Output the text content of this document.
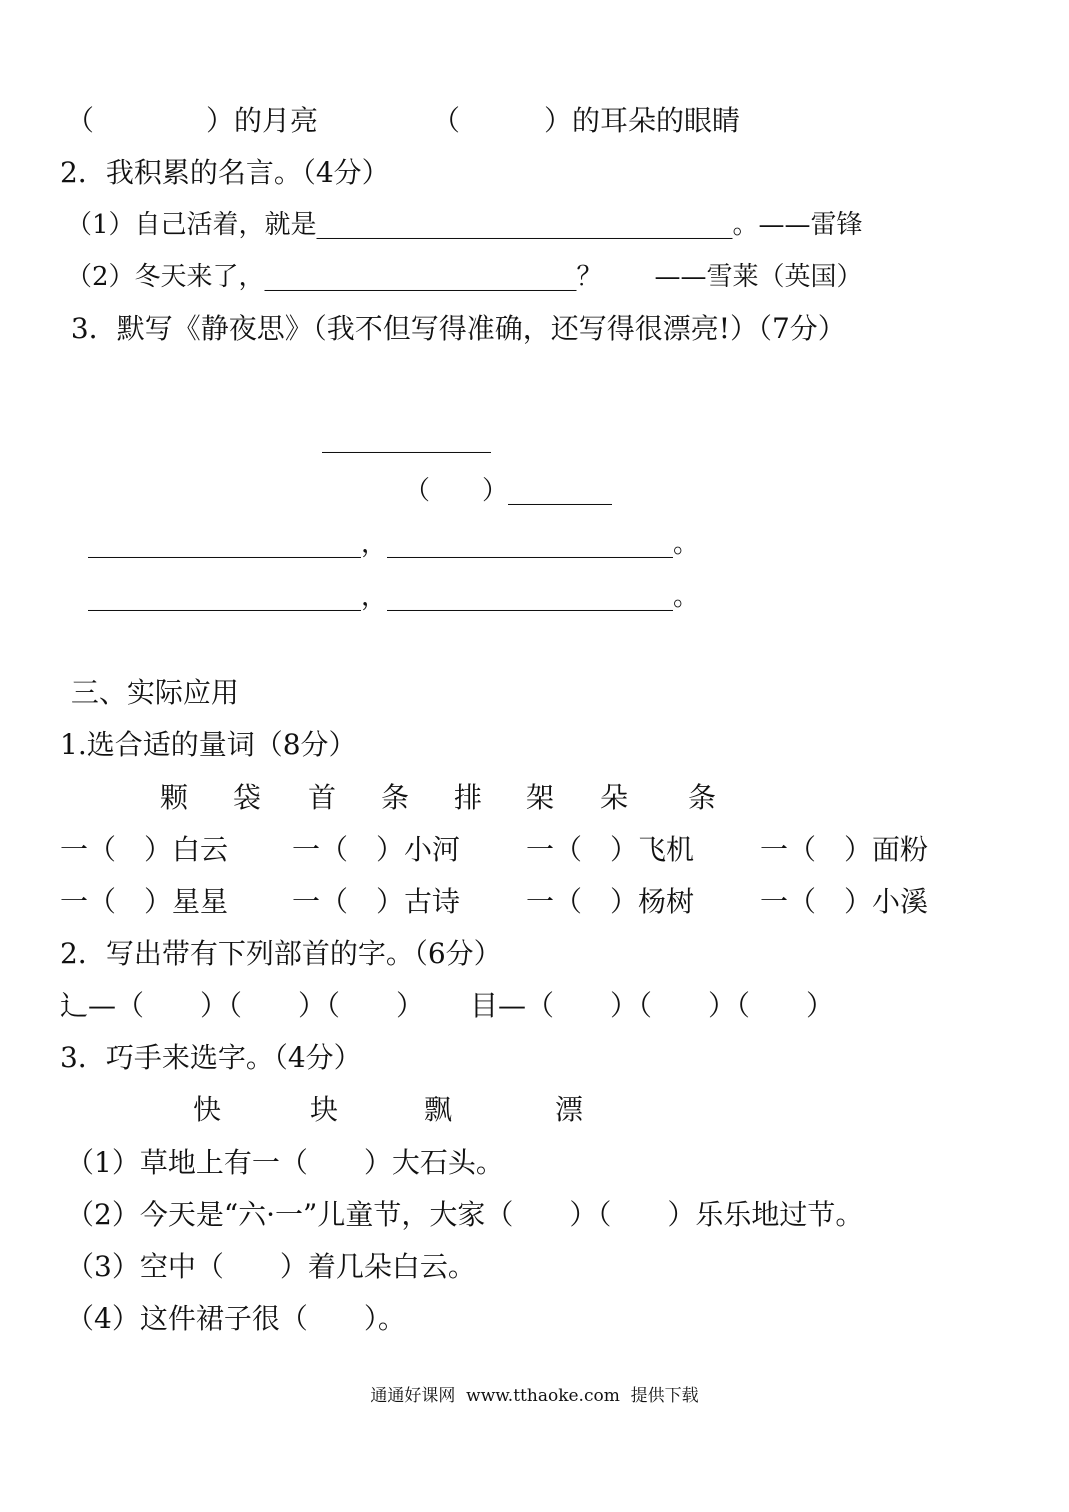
（　　　　）的月亮	（　　　）的耳朵的眼睛
2．我积累的名言。（4分）
（1）自己活着，就是________________________________。——雷锋
（2）冬天来了，________________________？　　——雪莱（英国）
3．默写《静夜思》（我不但写得准确，还写得很漂亮!）（7分）
_____________
（　　）________
_____________________，______________________。
_____________________，______________________。
三、实际应用
1.选合适的量词（8分）

颗

袋

首

条

排

架

朵

条

一（　）白云 一（　）小河 一（　）飞机 一（　）面粉
一（　）星星 一（　）古诗 一（　）杨树 一（　）小溪
2．写出带有下列部首的字。（6分）
辶—（　　）（　　）（　　） 目—（　　）（　　）（　　）
3．巧手来选字。（4分）

快

	块

	飘

	漂

（1）草地上有一（　　）大石头。
（2）今天是“六·一”儿童节，大家（　　）（　　）乐乐地过节。
（3）空中（　　）着几朵白云。
（4）这件裙子很（　　）。
通通好课网  www.tthaoke.com  提供下载
